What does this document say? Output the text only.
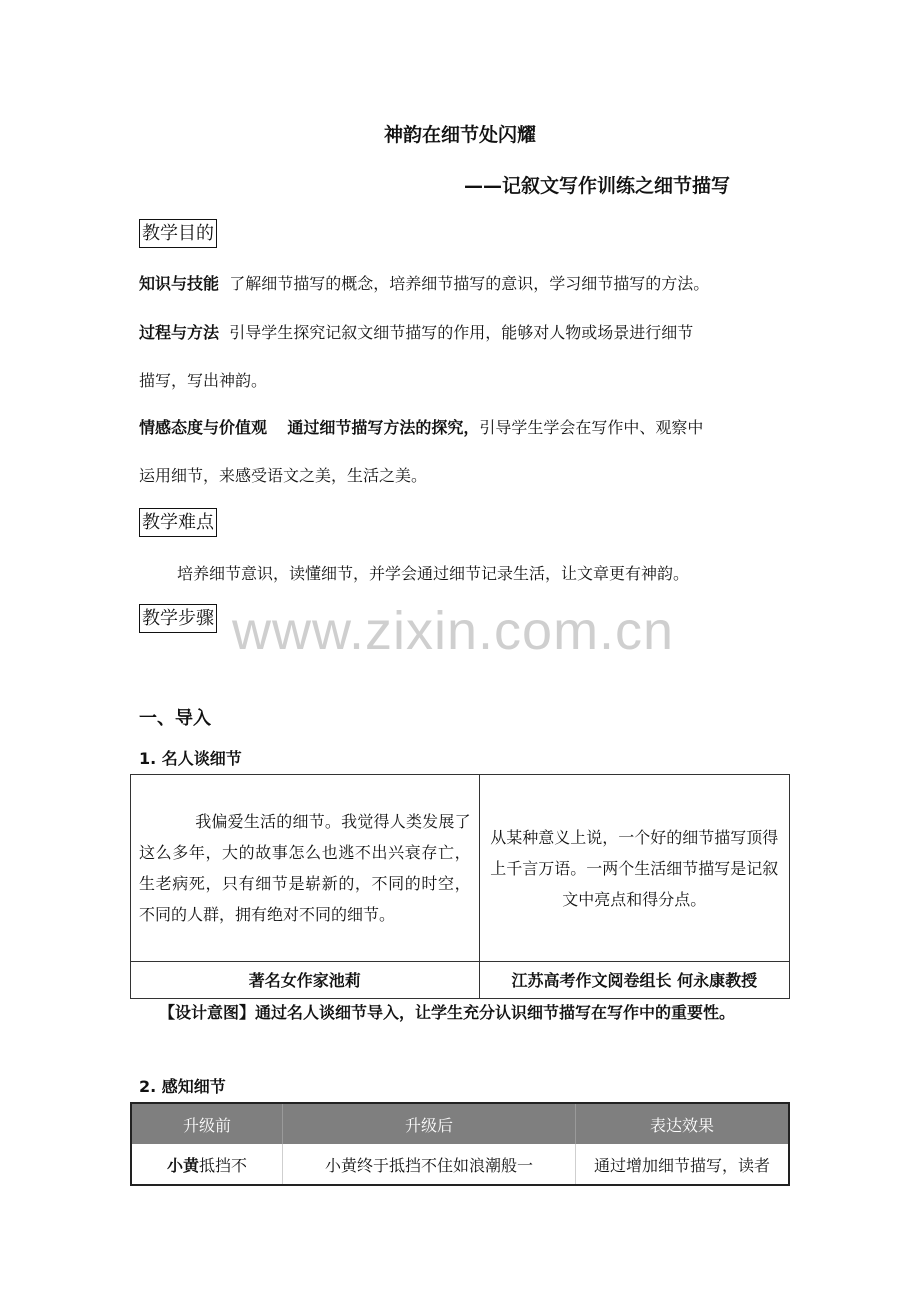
神韵在细节处闪耀
——记叙文写作训练之细节描写
教学目的
知识与技能 了解细节描写的概念，培养细节描写的意识，学习细节描写的方法。
过程与方法 引导学生探究记叙文细节描写的作用，能够对人物或场景进行细节
描写，写出神韵。
情感态度与价值观 通过细节描写方法的探究，引导学生学会在写作中、观察中
运用细节，来感受语文之美，生活之美。
教学难点
培养细节意识，读懂细节，并学会通过细节记录生活，让文章更有神韵。
教学步骤 www.zixin.com.cn
一、导入
1. 名人谈细节
我偏爱生活的细节。我觉得人类发展了这么多年，大的故事怎么也逃不出兴衰存亡，生老病死，只有细节是崭新的，不同的时空，不同的人群，拥有绝对不同的细节。	从某种意义上说，一个好的细节描写顶得上千言万语。一两个生活细节描写是记叙文中亮点和得分点。
著名女作家池莉	江苏高考作文阅卷组长 何永康教授
【设计意图】通过名人谈细节导入，让学生充分认识细节描写在写作中的重要性。
2. 感知细节
升级前	升级后	表达效果
小黄抵挡不	小黄终于抵挡不住如浪潮般一	通过增加细节描写，读者
